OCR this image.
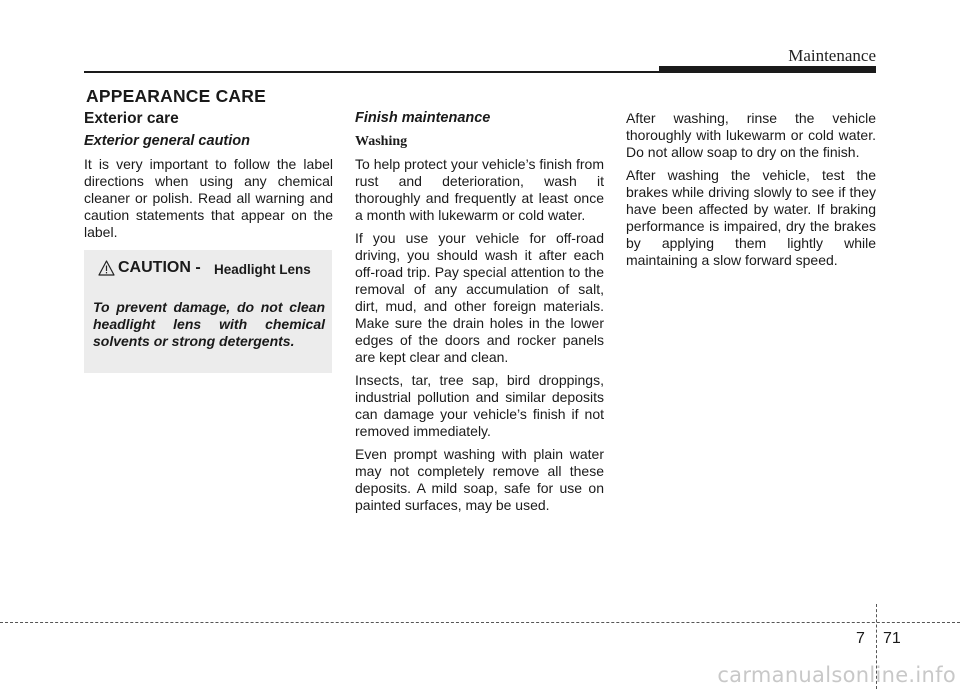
Maintenance
APPEARANCE CARE
Exterior care
Exterior general caution

It is very important to follow the label directions when using any chemical cleaner or polish. Read all warning and caution statements that appear on the label.

CAUTION - Headlight Lens
To prevent damage, do not clean headlight lens with chemical solvents or strong detergents.
Finish maintenance
Washing

To help protect your vehicle’s finish from rust and deterioration, wash it thoroughly and frequently at least once a month with lukewarm or cold water.

If you use your vehicle for off-road driving, you should wash it after each off-road trip. Pay special attention to the removal of any accumulation of salt, dirt, mud, and other foreign materials. Make sure the drain holes in the lower edges of the doors and rocker panels are kept clear and clean.

Insects, tar, tree sap, bird droppings, industrial pollution and similar deposits can damage your vehicle’s finish if not removed immediately.

Even prompt washing with plain water may not completely remove all these deposits. A mild soap, safe for use on painted surfaces, may be used.

After washing, rinse the vehicle thoroughly with lukewarm or cold water. Do not allow soap to dry on the finish.

After washing the vehicle, test the brakes while driving slowly to see if they have been affected by water. If braking performance is impaired, dry the brakes by applying them lightly while maintaining a slow forward speed.

7 71
carmanualsonline.info
